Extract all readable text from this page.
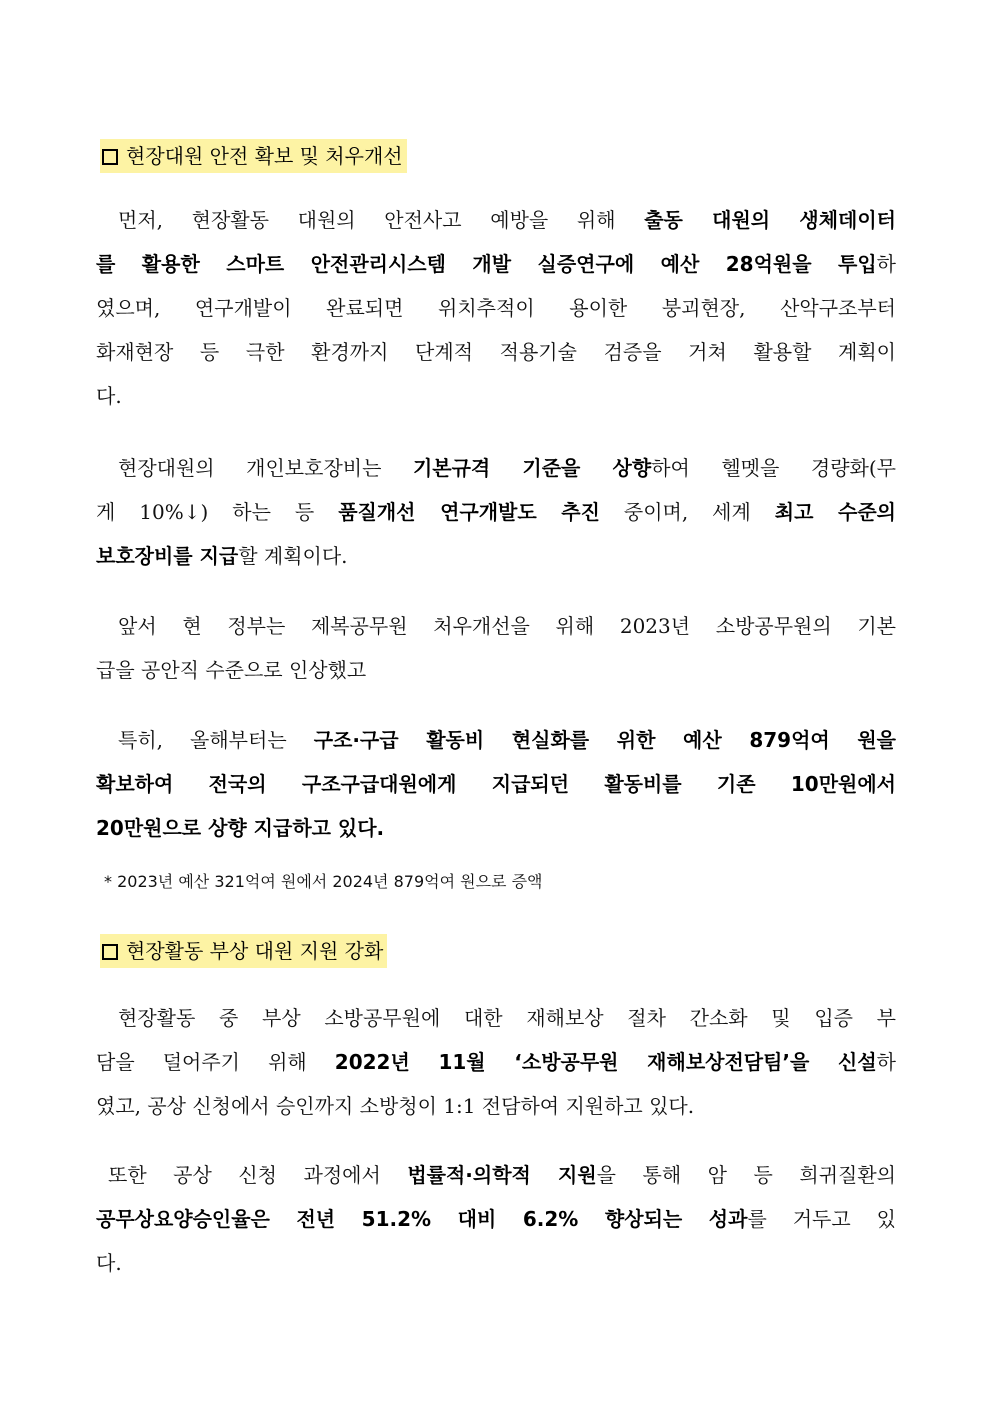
현장대원 안전 확보 및 처우개선
먼저, 현장활동 대원의 안전사고 예방을 위해 출동 대원의 생체데이터
를 활용한 스마트 안전관리시스템 개발 실증연구에 예산 28억원을 투입하
였으며, 연구개발이 완료되면 위치추적이 용이한 붕괴현장, 산악구조부터
화재현장 등 극한 환경까지 단계적 적용기술 검증을 거쳐 활용할 계획이
다.
현장대원의 개인보호장비는 기본규격 기준을 상향하여 헬멧을 경량화(무
게 10%↓) 하는 등 품질개선 연구개발도 추진 중이며, 세계 최고 수준의
보호장비를 지급할 계획이다.
앞서 현 정부는 제복공무원 처우개선을 위해 2023년 소방공무원의 기본
급을 공안직 수준으로 인상했고
특히, 올해부터는 구조·구급 활동비 현실화를 위한 예산 879억여 원을
확보하여 전국의 구조구급대원에게 지급되던 활동비를 기존 10만원에서
20만원으로 상향 지급하고 있다.
* 2023년 예산 321억여 원에서 2024년 879억여 원으로 증액
현장활동 부상 대원 지원 강화
현장활동 중 부상 소방공무원에 대한 재해보상 절차 간소화 및 입증 부
담을 덜어주기 위해 2022년 11월 ‘소방공무원 재해보상전담팀’을 신설하
였고, 공상 신청에서 승인까지 소방청이 1:1 전담하여 지원하고 있다.
또한 공상 신청 과정에서 법률적·의학적 지원을 통해 암 등 희귀질환의
공무상요양승인율은 전년 51.2% 대비 6.2% 향상되는 성과를 거두고 있
다.
